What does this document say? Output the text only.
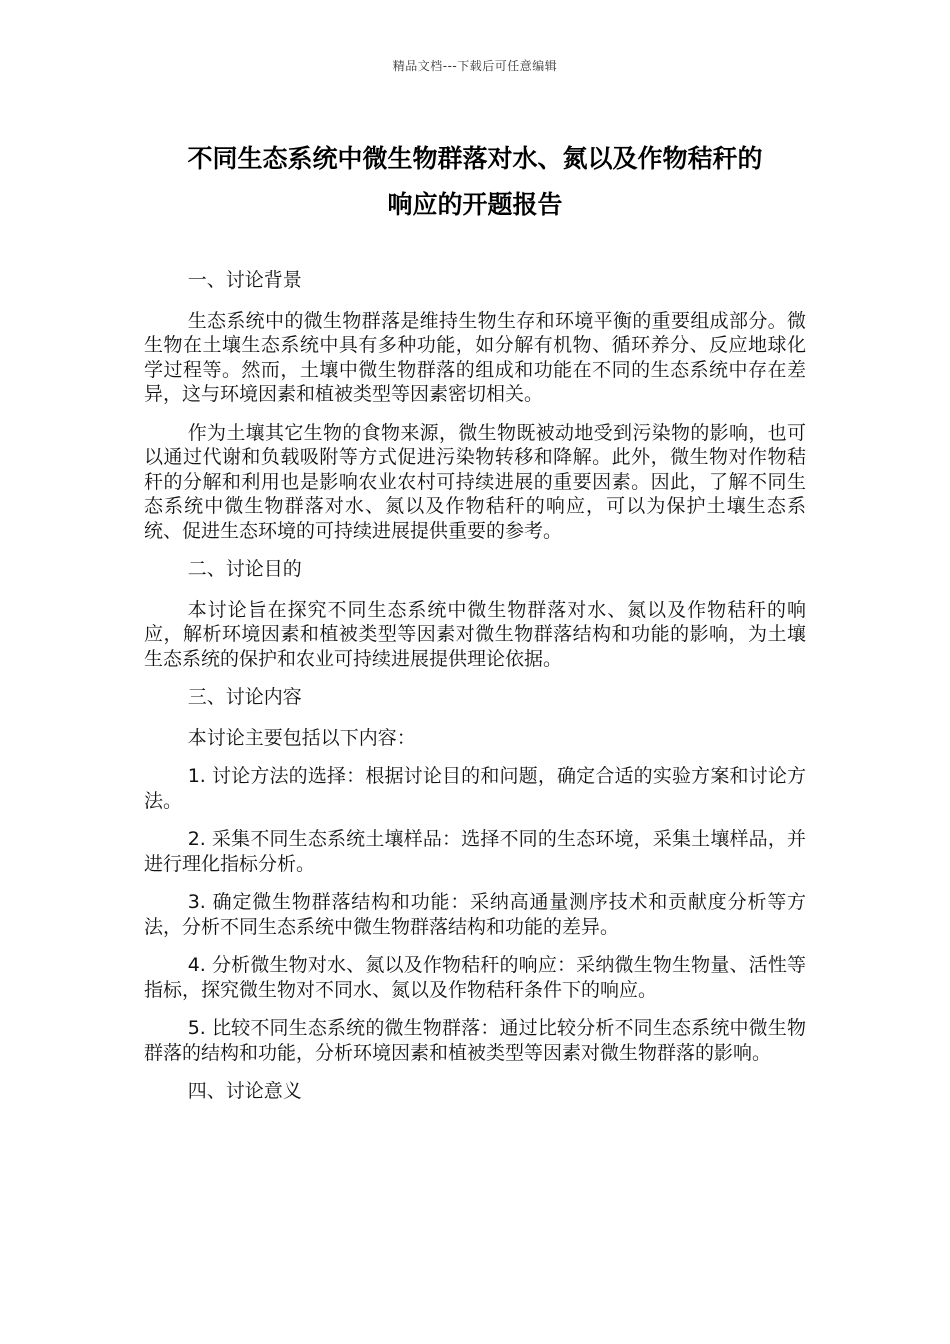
精品文档---下载后可任意编辑
不同生态系统中微生物群落对水、氮以及作物秸秆的
响应的开题报告

一、讨论背景

生态系统中的微生物群落是维持生物生存和环境平衡的重要组成部分。微生物在土壤生态系统中具有多种功能，如分解有机物、循环养分、反应地球化学过程等。然而，土壤中微生物群落的组成和功能在不同的生态系统中存在差异，这与环境因素和植被类型等因素密切相关。

作为土壤其它生物的食物来源，微生物既被动地受到污染物的影响，也可以通过代谢和负载吸附等方式促进污染物转移和降解。此外，微生物对作物秸秆的分解和利用也是影响农业农村可持续进展的重要因素。因此，了解不同生态系统中微生物群落对水、氮以及作物秸秆的响应，可以为保护土壤生态系统、促进生态环境的可持续进展提供重要的参考。

二、讨论目的

本讨论旨在探究不同生态系统中微生物群落对水、氮以及作物秸秆的响应，解析环境因素和植被类型等因素对微生物群落结构和功能的影响，为土壤生态系统的保护和农业可持续进展提供理论依据。

三、讨论内容

本讨论主要包括以下内容：

1. 讨论方法的选择：根据讨论目的和问题，确定合适的实验方案和讨论方法。

2. 采集不同生态系统土壤样品：选择不同的生态环境，采集土壤样品，并进行理化指标分析。

3. 确定微生物群落结构和功能：采纳高通量测序技术和贡献度分析等方法，分析不同生态系统中微生物群落结构和功能的差异。

4. 分析微生物对水、氮以及作物秸秆的响应：采纳微生物生物量、活性等指标，探究微生物对不同水、氮以及作物秸秆条件下的响应。

5. 比较不同生态系统的微生物群落：通过比较分析不同生态系统中微生物群落的结构和功能，分析环境因素和植被类型等因素对微生物群落的影响。

四、讨论意义
